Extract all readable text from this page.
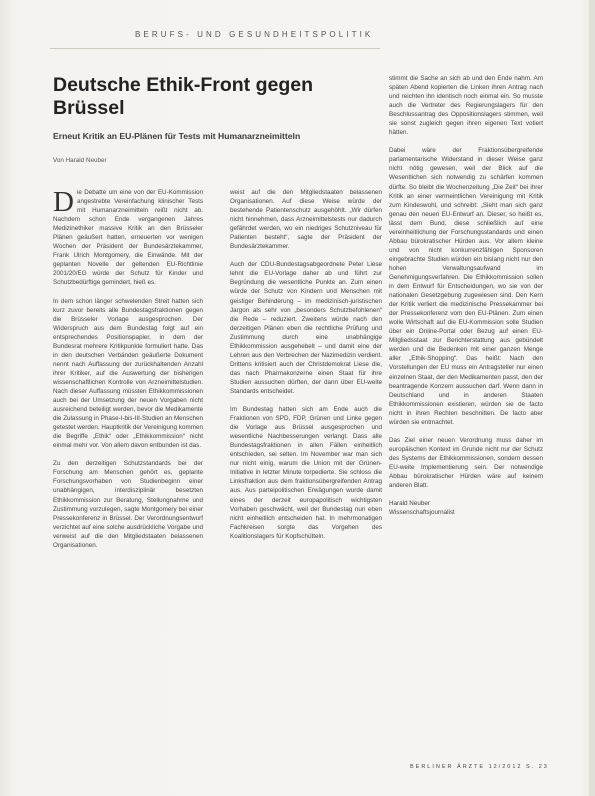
BERUFS- UND GESUNDHEITSPOLITIK
Deutsche Ethik-Front gegen Brüssel
Erneut Kritik an EU-Plänen für Tests mit Humanarzneimitteln
Von Harald Neuber

Die Debatte um eine von der EU-Kommission angestrebte Vereinfachung klinischer Tests mit Humanarzneimitteln reißt nicht ab. Nachdem schon Ende vergangenen Jahres Medizinethiker massive Kritik an den Brüsseler Plänen geäußert hatten, erneuerten vor wenigen Wochen der Präsident der Bundesärztekammer, Frank Ulrich Montgomery, die Einwände. Mit der geplanten Novelle der geltenden EU-Richtlinie 2001/20/EG würde der Schutz für Kinder und Schutzbedürftige gemindert, hieß es.

In dem schon länger schwelenden Streit hatten sich kurz zuvor bereits alle Bundestagsfraktionen gegen die Brüsseler Vorlage ausgesprochen. Der Widerspruch aus dem Bundestag folgt auf ein entsprechendes Positionspapier, in dem der Bundesrat mehrere Kritikpunkte formuliert hatte. Das in den deutschen Verbänden geäußerte Dokument nennt nach Auffassung der zurückhaltenden Anzahl ihrer Kritiker, auf die Auswertung der bisherigen wissenschaftlichen Kontrolle von Arzneimittelstudien. Nach dieser Auffassung müssten Ethikkommissionen auch bei der Umsetzung der neuen Vorgaben nicht ausreichend beteiligt werden, bevor die Medikamente die Zulassung in Phase-I-bis-III-Studien an Menschen getestet werden. Hauptkritik der Vereinigung kommen die Begriffe „Ethik“ oder „Ethikkommission“ nicht einmal mehr vor. Von allem davon entbunden ist das.

Zu den derzeitigen Schutzstandards bei der Forschung am Menschen gehört es, geplante Forschungsvorhaben von Studienbeginn einer unabhängigen, interdisziplinär besetzten Ethikkommission zur Beratung, Stellungnahme und Zustimmung vorzulegen, sagte Montgomery bei einer Pressekonferenz in Brüssel. Der Verordnungsentwurf verzichtet auf eine solche ausdrückliche Vorgabe und verweist auf die den Mitgliedstaaten belassenen Organisationen.

weist auf die den Mitgliedstaaten belassenen Organisationen. Auf diese Weise würde der bestehende Patientenschutz ausgehöhlt. „Wir dürfen nicht hinnehmen, dass Arzneimittelstests nur dadurch gefährdet werden, wo ein niedriges Schutzniveau für Patienten besteht“, sagte der Präsident der Bundesärztekammer.

Auch der CDU-Bundestagsabgeordnete Peter Liese lehnt die EU-Vorlage daher ab und führt zur Begründung die wesentliche Punkte an. Zum einen würde der Schutz von Kindern und Menschen mit geistiger Behinderung – im medizinisch-juristischen Jargon als sehr von „besonders Schutzbefohlenen“ die Rede – reduziert. Zweitens würde nach den derzeitigen Plänen eben die rechtliche Prüfung und Zustimmung durch eine unabhängige Ethikkommission ausgehebelt – und damit eine der Lehren aus den Verbrechen der Nazimedizin verdient. Drittens kritisiert auch der Christdemokrat Liese die, das nach Pharmakonzerne einen Staat für ihre Studien aussuchen dürften, der dann über EU-weite Standards entscheidet.

Im Bundestag hatten sich am Ende auch die Fraktionen von SPD, FDP, Grünen und Linke gegen die Vorlage aus Brüssel ausgesprochen und wesentliche Nachbesserungen verlangt. Dass alle Bundestagsfraktionen in allen Fällen einheitlich entschieden, sei selten. Im November war man sich nur nicht einig, warum die Union mit der Grünen-Initiative in letzter Minute torpedierte. Sie schloss die Linksfraktion aus dem fraktionsübergreifenden Antrag aus. Aus parteipolitischen Erwägungen wurde damit eines der derzeit europapolitisch wichtigsten Vorhaben geschwächt, weil der Bundestag nun eben nicht einheitlich entscheiden hat. In mehrmonatigen Fachkreisen sorgte das Vorgehen des Koalitionslagers für Kopfschütteln.

stimmt die Sache an sich ab und den Ende nahm. Am späten Abend kopierten die Linken ihren Antrag nach und reichten ihn identisch noch einmal ein. So musste auch die Vertreter des Regierungslagers für den Beschlussantrag des Oppositionslagers stimmen, weil sie sonst zugleich gegen ihren eigenen Text votiert hätten.

Dabei wäre der Fraktionsübergreifende parlamentarische Widerstand in dieser Weise ganz nicht nötig gewesen, weil der Blick auf die Wesentlichen sich notwendig zu schärfen kommen dürfte. So bleibt die Wochenzeitung „Die Zeit“ bei ihrer Kritik an einer vermeintlichen Vereinigung mit Kritik zum Kindeswohl, und schreibt: „Sieht man sich ganz genau den neuen EU-Entwurf an. Dieser, so heißt es, lässt dem Bund, diese schließlich auf eine vereinheitlichung der Forschungsstandards und einen Abbau bürokratischer Hürden aus. Vor allem kleine und von nicht konkurrenzfähigen Sponsoren eingebrachte Studien würden ein bislang nicht nur den hohen Verwaltungsaufwand im Genehmigungsverfahren. Die Ethikkommission sollen in dem Entwurf für Entscheidungen, wo sie von der nationalen Gesetzgebung zugewiesen sind. Den Kern der Kritik verliert die medizinische Pressekammer bei der Pressekonferenz vom den EU-Plänen. Zum einen wolle Wirtschaft auf die EU-Kommission solle Studien über ein Online-Portal oder Bezug auf einen EU-Mitgliedsstaat zur Berichterstattung aus gebündelt werden und die Bedenken mit einer ganzen Menge aller „Ethik-Shopping“. Das heißt: Nach den Vorstellungen der EU muss ein Antragsteller nur einen einzelnen Staat, der den Medikamenten passt, den der beantragende Konzern aussuchen darf. Wenn dann in Deutschland und in anderen Staaten Ethikkommissionen existieren, würden sie de facto nicht in ihren Rechten beschnitten. De facto aber würden sie entmachtet.

Das Ziel einer neuen Verordnung muss daher im europäischen Kontext im Grunde nicht nur der Schutz des Systems der Ethikkommissionen, sondern dessen EU-weite Implementierung sein. Der notwendige Abbau bürokratischer Hürden wäre auf keinem anderen Blatt.

Harald Neuber
Wissenschaftsjournalist
BERLINER ÄRZTE 12/2012 S. 23
